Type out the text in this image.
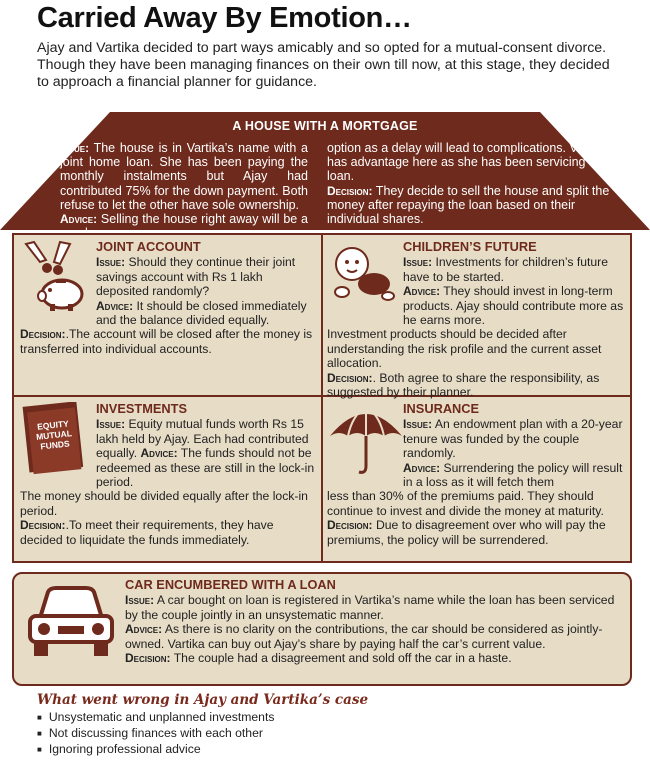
Carried Away By Emotion…
Ajay and Vartika decided to part ways amicably and so opted for a mutual-consent divorce. Though they have been managing finances on their own till now, at this stage, they decided to approach a financial planner for guidance.
A HOUSE WITH A MORTGAGE
Issue: The house is in Vartika’s name with a joint home loan. She has been paying the monthly instalments but Ajay had contributed 75% for the down payment. Both refuse to let the other have sole ownership.
Advice: Selling the house right away will be a
option as a delay will lead to complications. Vartika has advantage here as she has been servicing the loan.
Decision: They decide to sell the house and split the money after repaying the loan based on their individual shares.
JOINT ACCOUNT

Issue: Should they continue their joint savings account with Rs 1 lakh deposited randomly?

Advice: It should be closed immediately and the balance divided equally.

Decision:.The account will be closed after the money is transferred into individual accounts.

CHILDREN’S FUTURE

Issue: Investments for children’s future have to be started.

Advice: They should invest in long-term products. Ajay should contribute more as he earns more.

Investment products should be decided after understanding the risk profile and the current asset allocation.

Decision:. Both agree to share the responsibility, as suggested by their planner.

EQUITY MUTUAL FUNDS
INVESTMENTS

Issue: Equity mutual funds worth Rs 15 lakh held by Ajay. Each had contributed equally. Advice: The funds should not be redeemed as these are still in the lock-in period.

The money should be divided equally after the lock-in period.

Decision:.To meet their requirements, they have decided to liquidate the funds immediately.

INSURANCE

Issue: An endowment plan with a 20-year tenure was funded by the couple randomly.

Advice: Surrendering the policy will result in a loss as it will fetch them

less than 30% of the premiums paid. They should continue to invest and divide the money at maturity.

Decision: Due to disagreement over who will pay the premiums, the policy will be surrendered.

CAR ENCUMBERED WITH A LOAN
Issue: A car bought on loan is registered in Vartika’s name while the loan has been serviced by the couple jointly in an unsystematic manner.
Advice: As there is no clarity on the contributions, the car should be considered as jointly-owned. Vartika can buy out Ajay’s share by paying half the car’s current value.
Decision: The couple had a disagreement and sold off the car in a haste.
What went wrong in Ajay and Vartika’s case
■ Unsystematic and unplanned investments
■ Not discussing finances with each other
■ Ignoring professional advice
